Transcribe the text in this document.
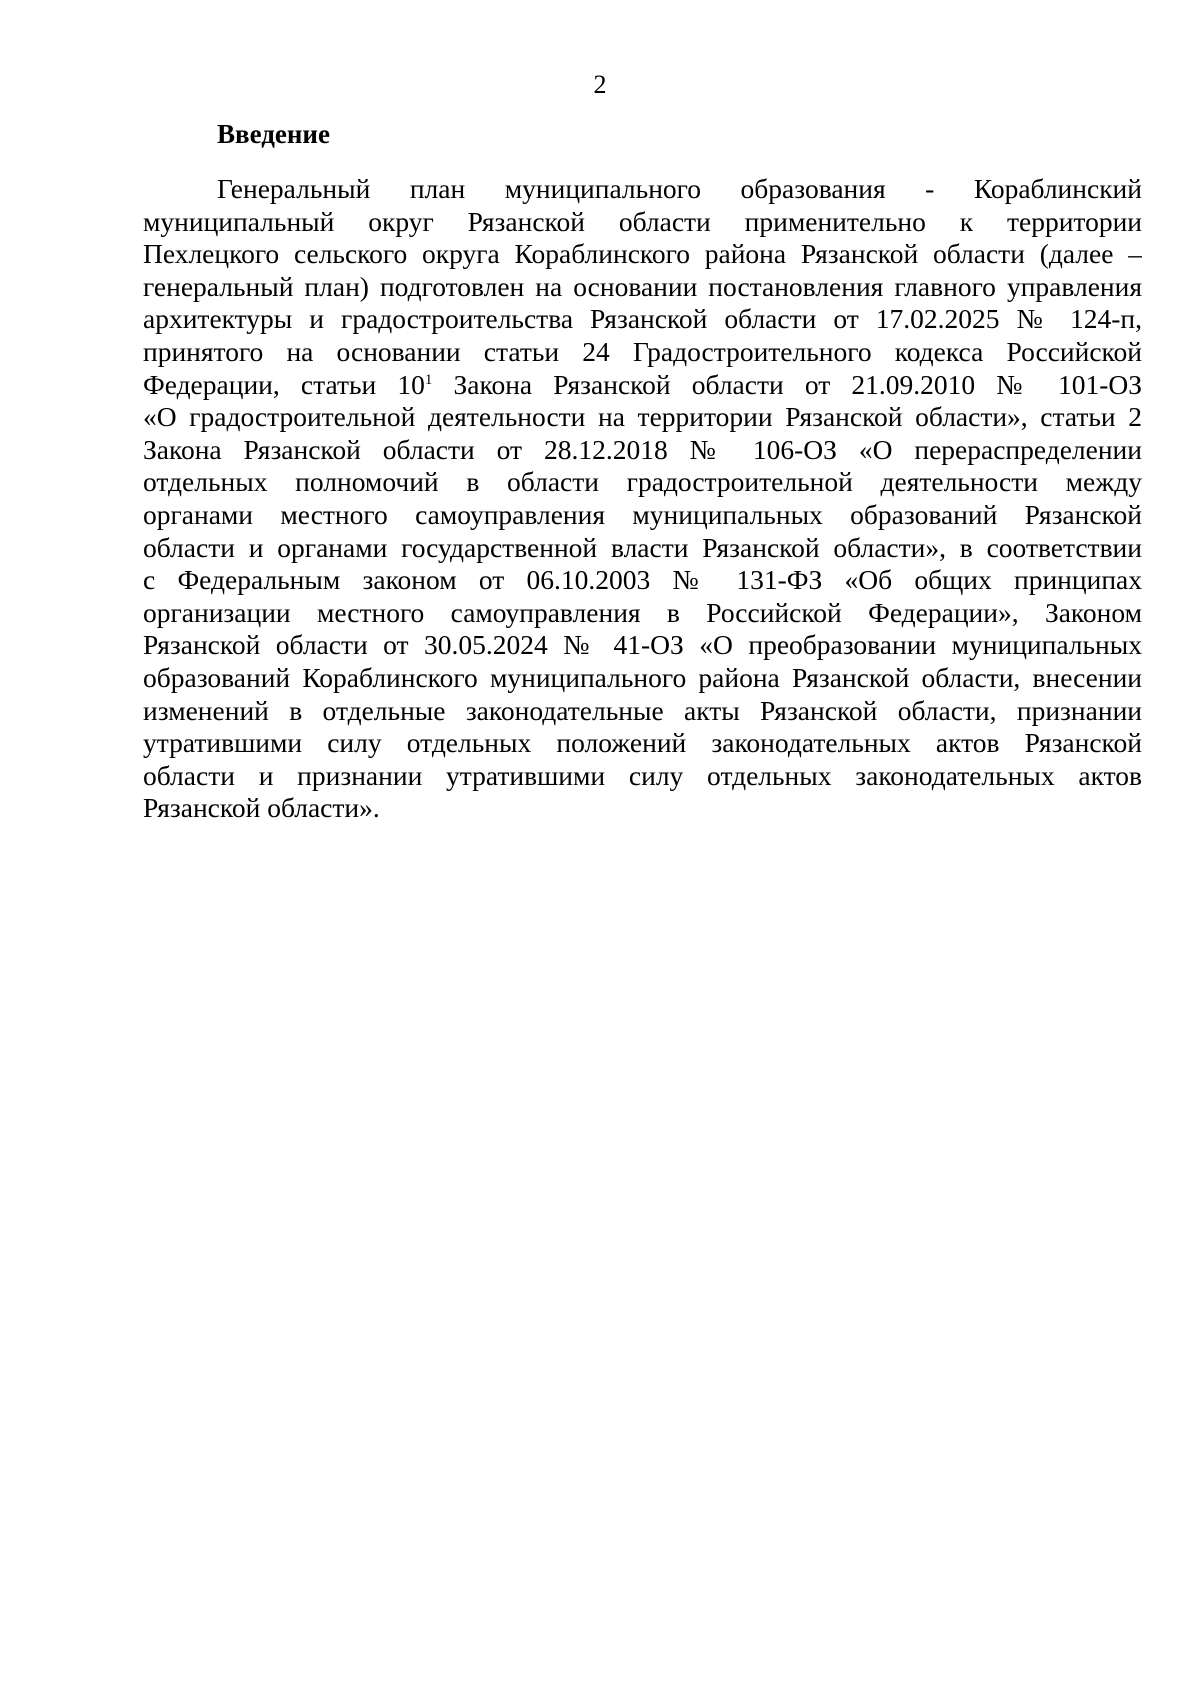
2
Введение
Генеральный план муниципального образования - Кораблинский
муниципальный округ Рязанской области применительно к территории
Пехлецкого сельского округа Кораблинского района Рязанской области (далее –
генеральный план) подготовлен на основании постановления главного управления
архитектуры и градостроительства Рязанской области от 17.02.2025 № 124-п,
принятого на основании статьи 24 Градостроительного кодекса Российской
Федерации, статьи $10^1$ Закона Рязанской области от 21.09.2010 № 101-ОЗ
«О градостроительной деятельности на территории Рязанской области», статьи 2
Закона Рязанской области от 28.12.2018 № 106-ОЗ «О перераспределении
отдельных полномочий в области градостроительной деятельности между
органами местного самоуправления муниципальных образований Рязанской
области и органами государственной власти Рязанской области», в соответствии
с Федеральным законом от 06.10.2003 № 131-ФЗ «Об общих принципах
организации местного самоуправления в Российской Федерации», Законом
Рязанской области от 30.05.2024 № 41-ОЗ «О преобразовании муниципальных
образований Кораблинского муниципального района Рязанской области, внесении
изменений в отдельные законодательные акты Рязанской области, признании
утратившими силу отдельных положений законодательных актов Рязанской
области и признании утратившими силу отдельных законодательных актов
Рязанской области».
